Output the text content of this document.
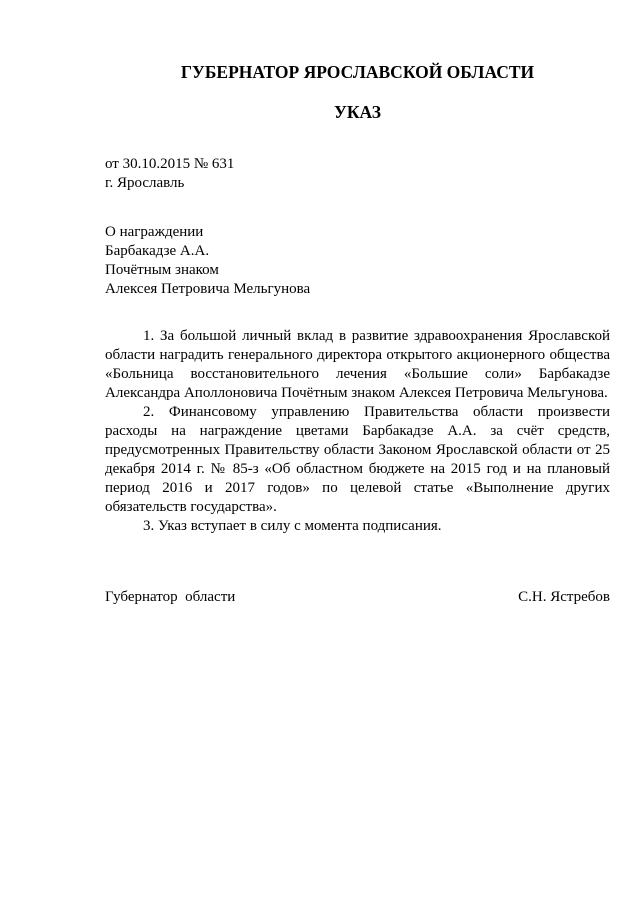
ГУБЕРНАТОР ЯРОСЛАВСКОЙ ОБЛАСТИ
УКАЗ
от 30.10.2015 № 631
г. Ярославль
О награждении
Барбакадзе А.А.
Почётным знаком
Алексея Петровича Мельгунова

1. За большой личный вклад в развитие здравоохранения Ярославской области наградить генерального директора открытого акционерного общества «Больница восстановительного лечения «Большие соли» Барбакадзе Александра Аполлоновича Почётным знаком Алексея Петровича Мельгунова.

2. Финансовому управлению Правительства области произвести расходы на награждение цветами Барбакадзе А.А. за счёт средств, предусмотренных Правительству области Законом Ярославской области от 25 декабря 2014 г. № 85-з «Об областном бюджете на 2015 год и на плановый период 2016 и 2017 годов» по целевой статье «Выполнение других обязательств государства».

3. Указ вступает в силу с момента подписания.

Губернатор  области	С.Н. Ястребов
